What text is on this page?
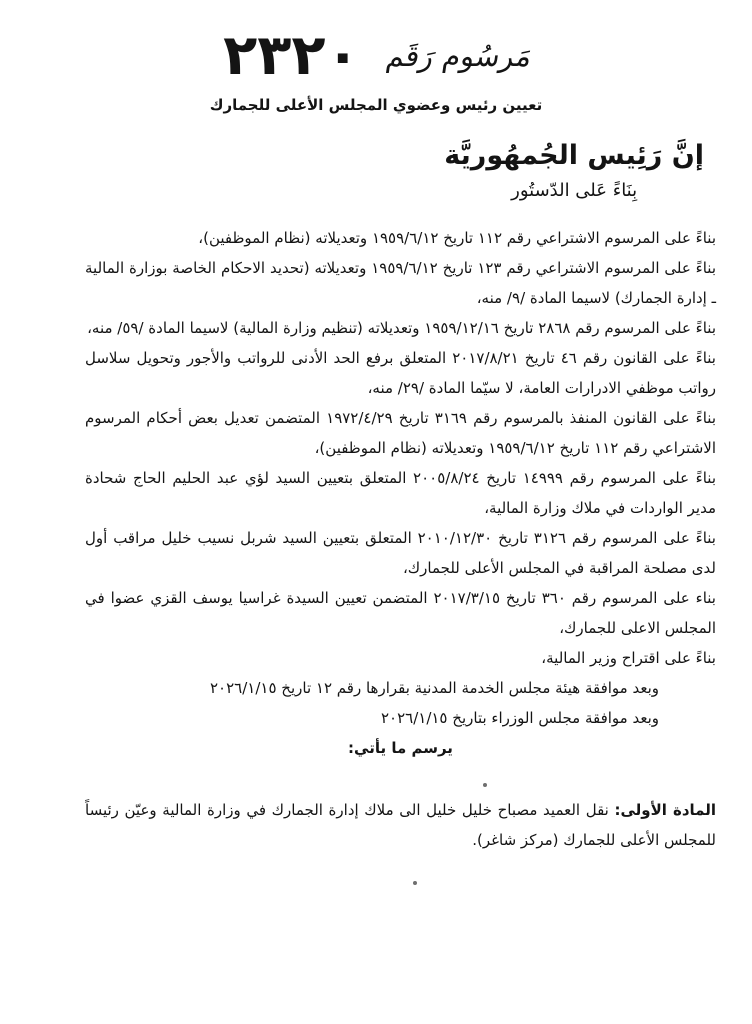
مَرسُوم رَقَم
٢٣٢٠
تعيين رئيس وعضوي المجلس الأعلى للجمارك
إنَّ رَئِيس الجُمهُوريَّة
بِنَاءً عَلى الدّستُور

بناءً على المرسوم الاشتراعي رقم ١١٢ تاريخ ١٩٥٩/٦/١٢ وتعديلاته (نظام الموظفين)،

بناءً على المرسوم الاشتراعي رقم ١٢٣ تاريخ ١٩٥٩/٦/١٢ وتعديلاته (تحديد الاحكام الخاصة بوزارة المالية ـ إدارة الجمارك) لاسيما المادة /٩/ منه،

بناءً على المرسوم رقم ٢٨٦٨ تاريخ ١٩٥٩/١٢/١٦ وتعديلاته (تنظيم وزارة المالية) لاسيما المادة /٥٩/ منه،

بناءً على القانون رقم ٤٦ تاريخ ٢٠١٧/٨/٢١ المتعلق برفع الحد الأدنى للرواتب والأجور وتحويل سلاسل رواتب موظفي الادرارات العامة، لا سيّما المادة /٢٩/ منه،

بناءً على القانون المنفذ بالمرسوم رقم ٣١٦٩ تاريخ ١٩٧٢/٤/٢٩ المتضمن تعديل بعض أحكام المرسوم الاشتراعي رقم ١١٢ تاريخ ١٩٥٩/٦/١٢ وتعديلاته (نظام الموظفين)،

بناءً على المرسوم رقم ١٤٩٩٩ تاريخ ٢٠٠٥/٨/٢٤ المتعلق بتعيين السيد لؤي عبد الحليم الحاج شحادة مدير الواردات في ملاك وزارة المالية،

بناءً على المرسوم رقم ٣١٢٦ تاريخ ٢٠١٠/١٢/٣٠ المتعلق بتعيين السيد شربل نسيب خليل مراقب أول لدى مصلحة المراقبة في المجلس الأعلى للجمارك،

بناء على المرسوم رقم ٣٦٠ تاريخ ٢٠١٧/٣/١٥ المتضمن تعيين السيدة غراسيا يوسف القزي عضوا في المجلس الاعلى للجمارك،

بناءً على اقتراح وزير المالية،

وبعد موافقة هيئة مجلس الخدمة المدنية بقرارها رقم ١٢ تاريخ ٢٠٢٦/١/١٥

وبعد موافقة مجلس الوزراء بتاريخ ٢٠٢٦/١/١٥

يرسم ما يأتي:

المادة الأولى: نقل العميد مصباح خليل خليل الى ملاك إدارة الجمارك في وزارة المالية وعيّن رئيساً للمجلس الأعلى للجمارك (مركز شاغر).
